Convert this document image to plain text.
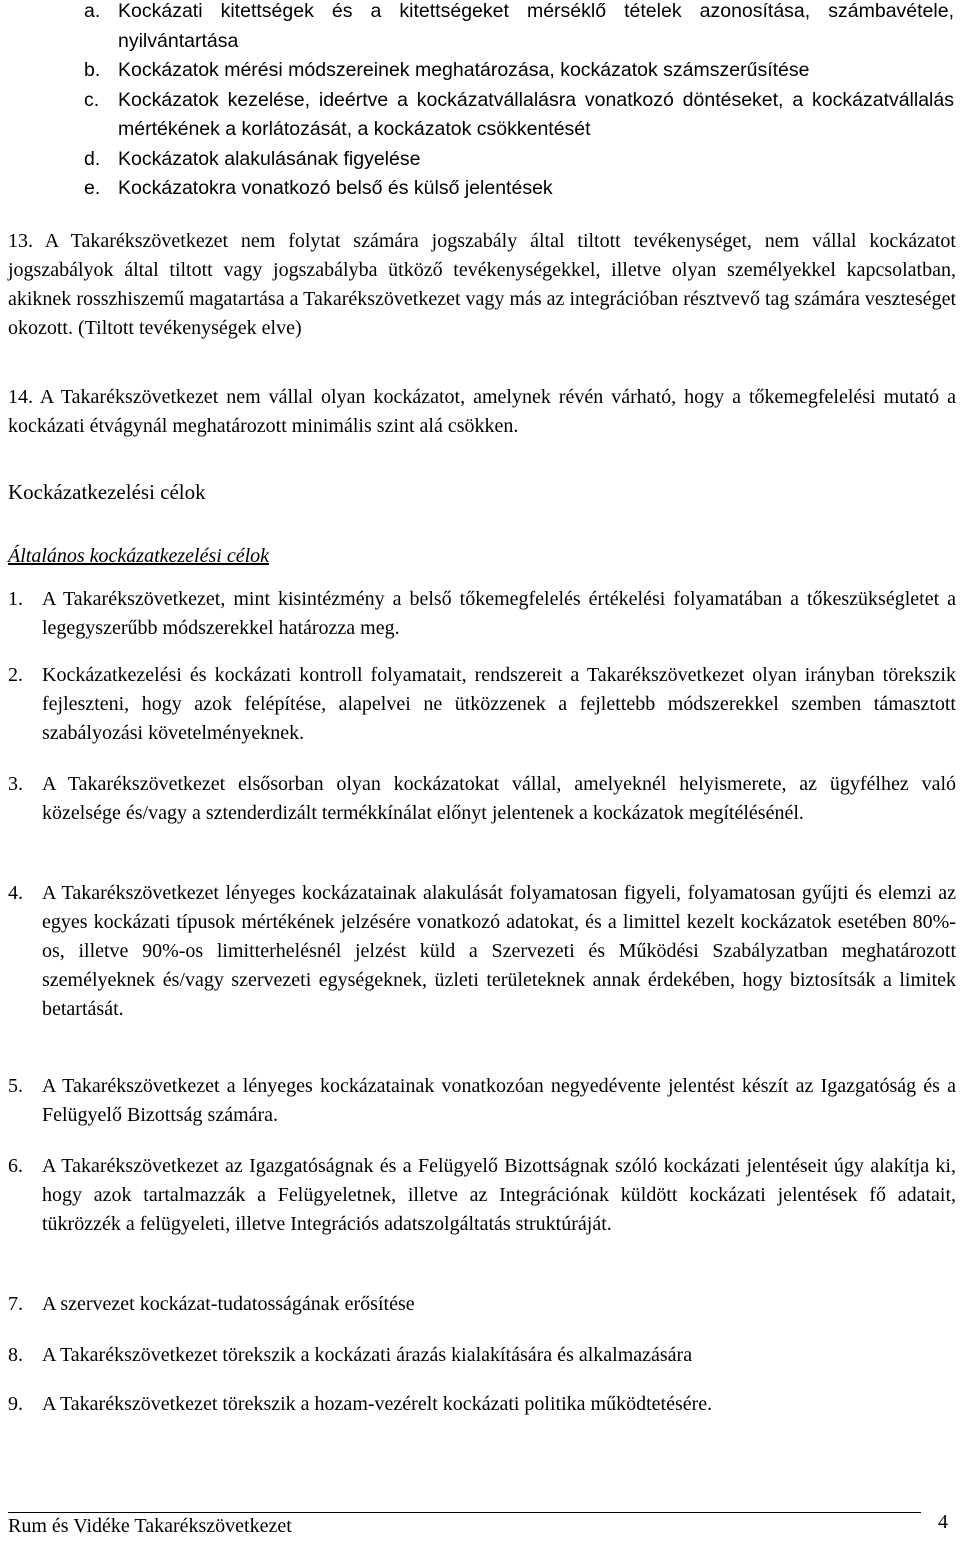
a. Kockázati kitettségek és a kitettségeket mérséklő tételek azonosítása, számbavétele, nyilvántartása
b. Kockázatok mérési módszereinek meghatározása, kockázatok számszerűsítése
c. Kockázatok kezelése, ideértve a kockázatvállalásra vonatkozó döntéseket, a kockázatvállalás mértékének a korlátozását, a kockázatok csökkentését
d. Kockázatok alakulásának figyelése
e. Kockázatokra vonatkozó belső és külső jelentések
13. A Takarékszövetkezet nem folytat számára jogszabály által tiltott tevékenységet, nem vállal kockázatot jogszabályok által tiltott vagy jogszabályba ütköző tevékenységekkel, illetve olyan személyekkel kapcsolatban, akiknek rosszhiszemű magatartása a Takarékszövetkezet vagy más az integrációban résztvevő tag számára veszteséget okozott. (Tiltott tevékenységek elve)
14. A Takarékszövetkezet nem vállal olyan kockázatot, amelynek révén várható, hogy a tőkemegfelelési mutató a kockázati étvágynál meghatározott minimális szint alá csökken.
Kockázatkezelési célok
Általános kockázatkezelési célok
1. A Takarékszövetkezet, mint kisintézmény a belső tőkemegfelelés értékelési folyamatában a tőkeszükségletet a legegyszerűbb módszerekkel határozza meg.
2. Kockázatkezelési és kockázati kontroll folyamatait, rendszereit a Takarékszövetkezet olyan irányban törekszik fejleszteni, hogy azok felépítése, alapelvei ne ütközzenek a fejlettebb módszerekkel szemben támasztott szabályozási követelményeknek.
3. A Takarékszövetkezet elsősorban olyan kockázatokat vállal, amelyeknél helyismerete, az ügyfélhez való közelsége és/vagy a sztenderdizált termékkínálat előnyt jelentenek a kockázatok megítélésénél.
4. A Takarékszövetkezet lényeges kockázatainak alakulását folyamatosan figyeli, folyamatosan gyűjti és elemzi az egyes kockázati típusok mértékének jelzésére vonatkozó adatokat, és a limittel kezelt kockázatok esetében 80%-os, illetve 90%-os limitterhelésnél jelzést küld a Szervezeti és Működési Szabályzatban meghatározott személyeknek és/vagy szervezeti egységeknek, üzleti területeknek annak érdekében, hogy biztosítsák a limitek betartását.
5. A Takarékszövetkezet a lényeges kockázatainak vonatkozóan negyedévente jelentést készít az Igazgatóság és a Felügyelő Bizottság számára.
6. A Takarékszövetkezet az Igazgatóságnak és a Felügyelő Bizottságnak szóló kockázati jelentéseit úgy alakítja ki, hogy azok tartalmazzák a Felügyeletnek, illetve az Integrációnak küldött kockázati jelentések fő adatait, tükrözzék a felügyeleti, illetve Integrációs adatszolgáltatás struktúráját.
7. A szervezet kockázat-tudatosságának erősítése
8. A Takarékszövetkezet törekszik a kockázati árazás kialakítására és alkalmazására
9. A Takarékszövetkezet törekszik a hozam-vezérelt kockázati politika működtetésére.
Rum és Vidéke Takarékszövetkezet	4
